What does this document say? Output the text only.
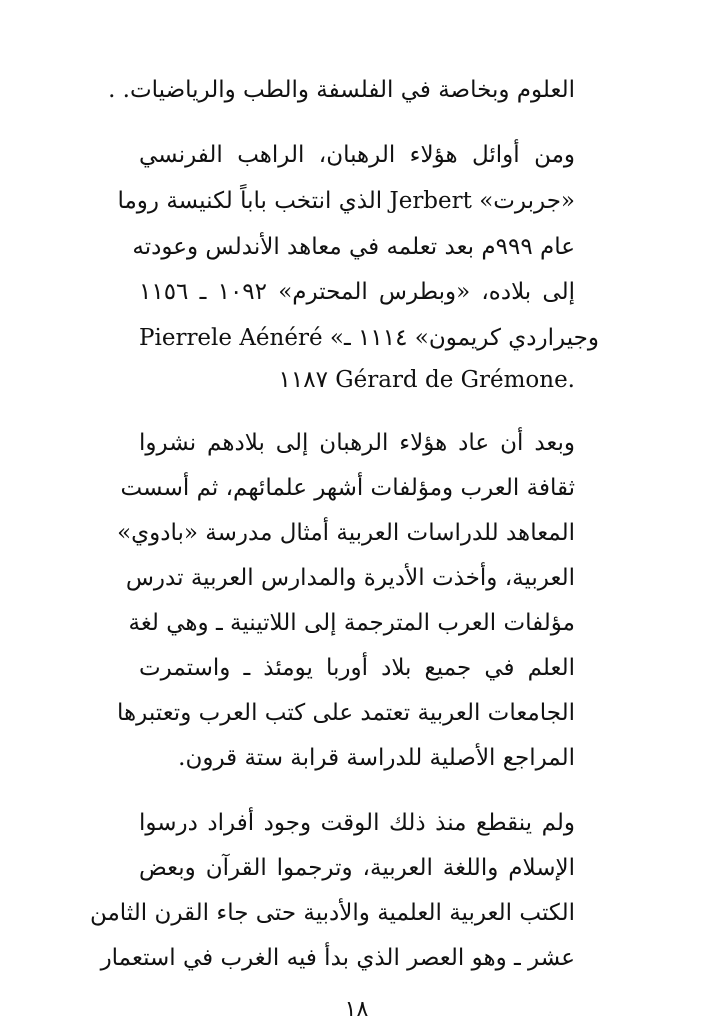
العلوم وبخاصة في الفلسفة والطب والرياضيات. .
ومن أوائل هؤلاء الرهبان، الراهب الفرنسي
«جربرت» Jerbert الذي انتخب باباً لكنيسة روما
عام ٩٩٩م بعد تعلمه في معاهد الأندلس وعودته
إلى بلاده، «وبطرس المحترم» ١٠٩٢ ـ ١١٥٦
Pierrele Aénéré «وجيراردي كريمون» ١١١٤ ـ
١١٨٧ Gérard de Grémone.
وبعد أن عاد هؤلاء الرهبان إلى بلادهم نشروا
ثقافة العرب ومؤلفات أشهر علمائهم، ثم أسست
المعاهد للدراسات العربية أمثال مدرسة «بادوي»
العربية، وأخذت الأديرة والمدارس العربية تدرس
مؤلفات العرب المترجمة إلى اللاتينية ـ وهي لغة
العلم في جميع بلاد أوربا يومئذ ـ واستمرت
الجامعات العربية تعتمد على كتب العرب وتعتبرها
المراجع الأصلية للدراسة قرابة ستة قرون.
ولم ينقطع منذ ذلك الوقت وجود أفراد درسوا
الإسلام واللغة العربية، وترجموا القرآن وبعض
الكتب العربية العلمية والأدبية حتى جاء القرن الثامن
عشر ـ وهو العصر الذي بدأ فيه الغرب في استعمار
١٨
